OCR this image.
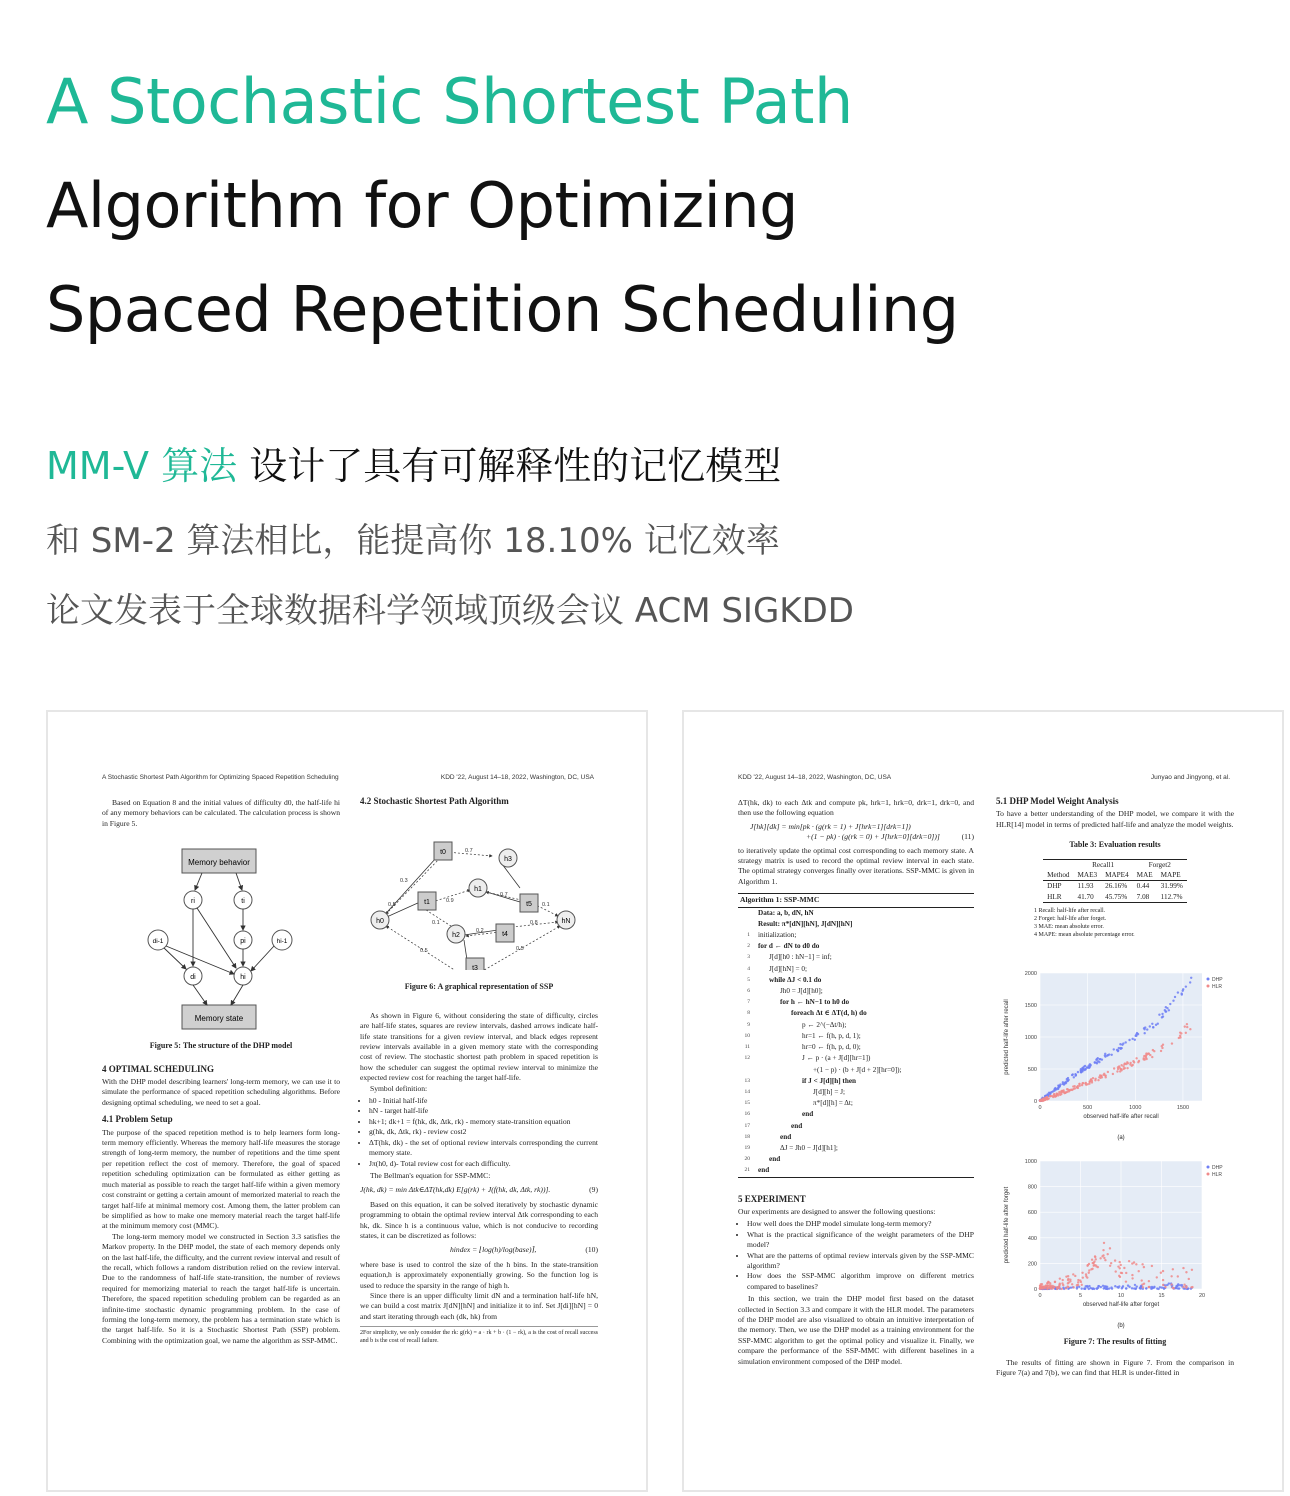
A Stochastic Shortest Path
Algorithm for Optimizing
Spaced Repetition Scheduling

MM-V 算法 设计了具有可解释性的记忆模型

和 SM-2 算法相比，能提高你 18.10% 记忆效率

论文发表于全球数据科学领域顶级会议 ACM SIGKDD

A Stochastic Shortest Path Algorithm for Optimizing Spaced Repetition Scheduling	KDD '22, August 14–18, 2022, Washington, DC, USA

Based on Equation 8 and the initial values of difficulty d0, the half-life hi of any memory behaviors can be calculated. The calculation process is shown in Figure 5.

Memory behavior
ri	ti
pi
di-1	hi-1
di	hi
Memory state

Figure 5: The structure of the DHP model

4 OPTIMAL SCHEDULING

With the DHP model describing learners' long-term memory, we can use it to simulate the performance of spaced repetition scheduling algorithms. Before designing optimal scheduling, we need to set a goal.

4.1 Problem Setup

The purpose of the spaced repetition method is to help learners form long-term memory efficiently. Whereas the memory half-life measures the storage strength of long-term memory, the number of repetitions and the time spent per repetition reflect the cost of memory. Therefore, the goal of spaced repetition scheduling optimization can be formulated as either getting as much material as possible to reach the target half-life within a given memory cost constraint or getting a certain amount of memorized material to reach the target half-life at minimal memory cost. Among them, the latter problem can be simplified as how to make one memory material reach the target half-life at the minimum memory cost (MMC).

The long-term memory model we constructed in Section 3.3 satisfies the Markov property. In the DHP model, the state of each memory depends only on the last half-life, the difficulty, and the current review interval and result of the recall, which follows a random distribution relied on the review interval. Due to the randomness of half-life state-transition, the number of reviews required for memorizing material to reach the target half-life is uncertain. Therefore, the spaced repetition scheduling problem can be regarded as an infinite-time stochastic dynamic programming problem. In the case of forming the long-term memory, the problem has a termination state which is the target half-life. So it is a Stochastic Shortest Path (SSP) problem. Combining with the optimization goal, we name the algorithm as SSP-MMC.

4.2 Stochastic Shortest Path Algorithm

t0
h3
h0
t1
h1
t5
hN
h2	t4
t3
0.7
0.3
0.9
0.1
0.7
0.1
0.2
0.8
0.5	0.5
0.5

Figure 6: A graphical representation of SSP

As shown in Figure 6, without considering the state of difficulty, circles are half-life states, squares are review intervals, dashed arrows indicate half-life state transitions for a given review interval, and black edges represent review intervals available in a given memory state with the corresponding cost of review. The stochastic shortest path problem in spaced repetition is how the scheduler can suggest the optimal review interval to minimize the expected review cost for reaching the target half-life.

Symbol definition:

• h0 - Initial half-life
• hN - target half-life
• hk+1; dk+1 = f(hk, dk, Δtk, rk) - memory state-transition equation
• g(hk, dk, Δtk, rk) - review cost2
• ΔT(hk, dk) - the set of optional review intervals corresponding the current memory state.
• Jπ(h0, d)- Total review cost for each difficulty.

The Bellman's equation for SSP-MMC:

J(hk, dk) = min Δtk∈ΔT(hk,dk) E[g(rk) + J(f(hk, dk, Δtk, rk))].	(9)

Based on this equation, it can be solved iteratively by stochastic dynamic programming to obtain the optimal review interval Δtk corresponding to each hk, dk. Since h is a continuous value, which is not conducive to recording states, it can be discretized as follows:

hindex = ⌊log(h)/log(base)⌉,	(10)

where base is used to control the size of the h bins. In the state-transition equation,h is approximately exponentially growing. So the function log is used to reduce the sparsity in the range of high h.

Since there is an upper difficulty limit dN and a termination half-life hN, we can build a cost matrix J[dN][hN] and initialize it to inf. Set J[di][hN] = 0 and start iterating through each (dk, hk) from

2For simplicity, we only consider the rk: g(rk) = a · rk + b · (1 − rk), a is the cost of recall success and b is the cost of recall failure.

KDD '22, August 14–18, 2022, Washington, DC, USA	Junyao and Jingyong, et al.

ΔT(hk, dk) to each Δtk and compute pk, hrk=1, hrk=0, drk=1, drk=0, and then use the following equation

J[hk][dk] = min[pk · (g(rk = 1) + J[hrk=1][drk=1])

+(1 − pk) · (g(rk = 0) + J[hrk=0][drk=0])]	(11)

to iteratively update the optimal cost corresponding to each memory state. A strategy matrix is used to record the optimal review interval in each state. The optimal strategy converges finally over iterations. SSP-MMC is given in Algorithm 1.

Algorithm 1: SSP-MMC
Data: a, b, dN, hN
Result: π*[dN][hN], J[dN][hN]
1	initialization;
2	for d ← dN to d0 do
3	J[d][h0 : hN−1] = inf;
4	J[d][hN] = 0;
5	while ΔJ < 0.1 do
6	Jh0 = J[d][h0];
7	for h ← hN−1 to h0 do
8	foreach Δt ∈ ΔT(d, h) do
9	p ← 2^(−Δt/h);
10	hr=1 ← f(h, p, d, 1);
11	hr=0 ← f(h, p, d, 0);
12	J ← p · (a + J[d][hr=1])
+(1 − p) · (b + J[d + 2][hr=0]);
13	if J < J[d][h] then
14	J[d][h] = J;
15	π*[d][h] = Δt;
16	end
17	end
18	end
19	ΔJ = Jh0 − J[d][h1];
20	end
21	end

5 EXPERIMENT

Our experiments are designed to answer the following questions:

• How well does the DHP model simulate long-term memory?
• What is the practical significance of the weight parameters of the DHP model?
• What are the patterns of optimal review intervals given by the SSP-MMC algorithm?
• How does the SSP-MMC algorithm improve on different metrics compared to baselines?

In this section, we train the DHP model first based on the dataset collected in Section 3.3 and compare it with the HLR model. The parameters of the DHP model are also visualized to obtain an intuitive interpretation of the memory. Then, we use the DHP model as a training environment for the SSP-MMC algorithm to get the optimal policy and visualize it. Finally, we compare the performance of the SSP-MMC with different baselines in a simulation environment composed of the DHP model.

5.1 DHP Model Weight Analysis

To have a better understanding of the DHP model, we compare it with the HLR[14] model in terms of predicted half-life and analyze the model weights.

Table 3: Evaluation results

	Recall1		Forget2	
Method	MAE3	MAPE4	MAE	MAPE
DHP	11.93	26.16%	0.44	31.99%
HLR	41.70	45.75%	7.08	112.7%
1 Recall: half-life after recall.
2 Forget: half-life after forget.
3 MAE: mean absolute error.
4 MAPE: mean absolute percentage error.
0	500	1000	1500
0
500
1000
1500
2000
DHP
HLR
observed half-life after recall
predicted half-life after recall
(a)
0	5	10	15	20
0
200
400
600
800
1000
DHP
HLR
observed half-life after forget
predicted half-life after forget
(b)

Figure 7: The results of fitting

The results of fitting are shown in Figure 7. From the comparison in Figure 7(a) and 7(b), we can find that HLR is under-fitted in
